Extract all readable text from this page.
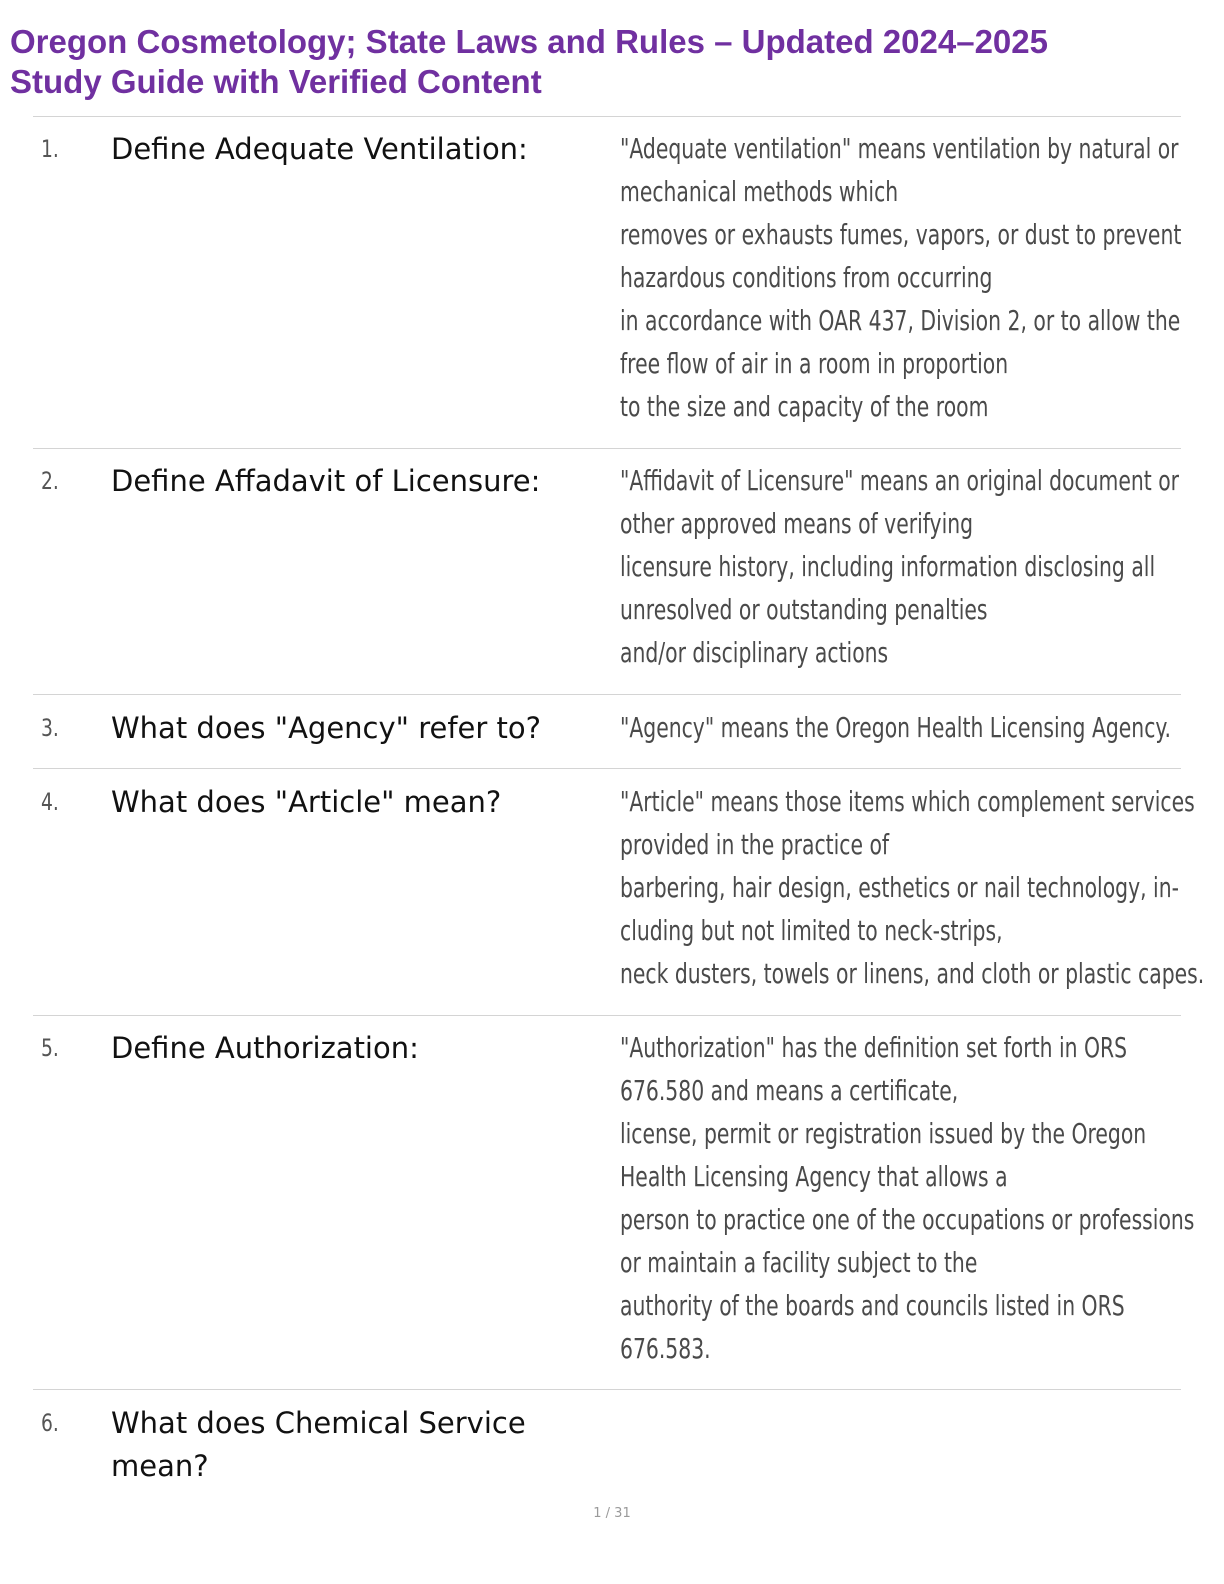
Oregon Cosmetology; State Laws and Rules – Updated 2024–2025
Study Guide with Verified Content
1. Define Adequate Ventilation:	"Adequate ventilation" means ventilation by natural or
mechanical methods which
removes or exhausts fumes, vapors, or dust to prevent
hazardous conditions from occurring
in accordance with OAR 437, Division 2, or to allow the
free flow of air in a room in proportion
to the size and capacity of the room
2. Define Affadavit of Licensure:	"Affidavit of Licensure" means an original document or
other approved means of verifying
licensure history, including information disclosing all
unresolved or outstanding penalties
and/or disciplinary actions
3. What does "Agency" refer to?	"Agency" means the Oregon Health Licensing Agency.
4. What does "Article" mean?	"Article" means those items which complement services
provided in the practice of
barbering, hair design, esthetics or nail technology, in-
cluding but not limited to neck-strips,
neck dusters, towels or linens, and cloth or plastic capes.
5. Define Authorization:	"Authorization" has the definition set forth in ORS
676.580 and means a certificate,
license, permit or registration issued by the Oregon
Health Licensing Agency that allows a
person to practice one of the occupations or professions
or maintain a facility subject to the
authority of the boards and councils listed in ORS
676.583.
6. What does Chemical Service mean?
1 / 31
